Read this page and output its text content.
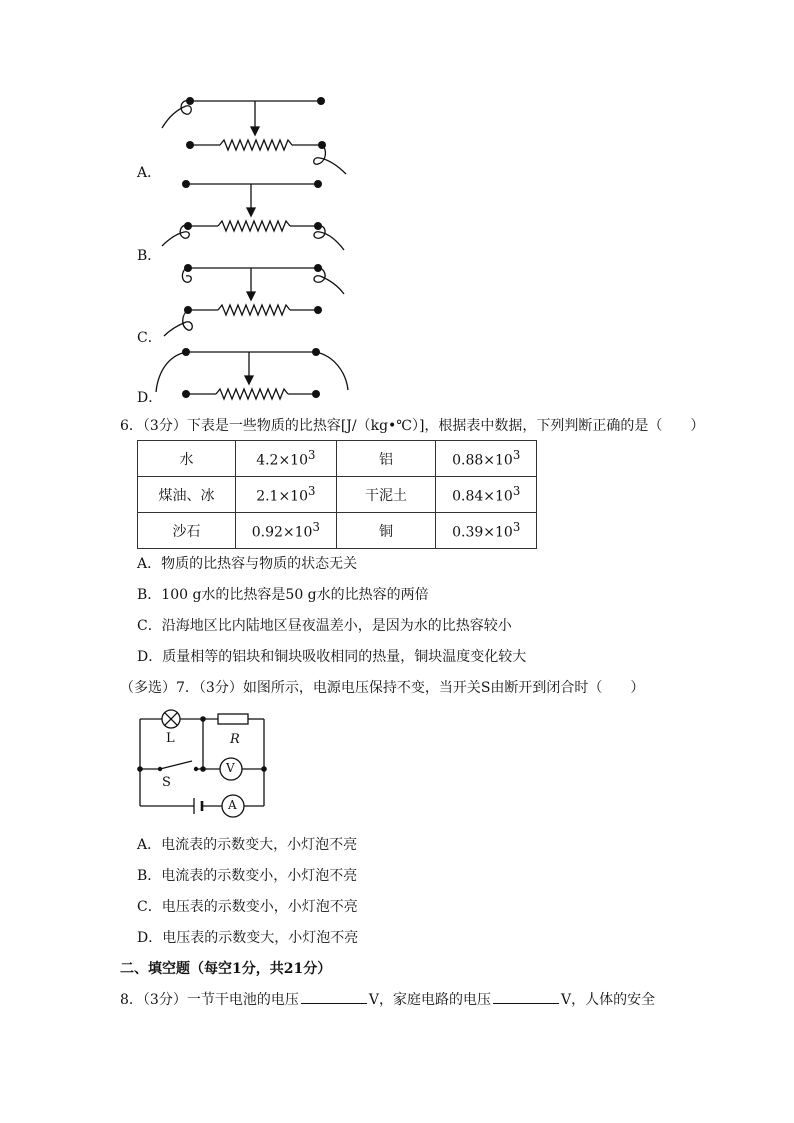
A．
B．
C．
D．
6．（3分）下表是一些物质的比热容[J/（kg•℃）]，根据表中数据，下列判断正确的是（　　）
水	$4.2\times 10^3$	铝	$0.88\times 10^3$
煤油、冰	$2.1\times 10^3$	干泥土	$0.84\times 10^3$
沙石	$0.92\times 10^3$	铜	$0.39\times 10^3$
A．物质的比热容与物质的状态无关
B．100 g水的比热容是50 g水的比热容的两倍
C．沿海地区比内陆地区昼夜温差小，是因为水的比热容较小
D．质量相等的铝块和铜块吸收相同的热量，铜块温度变化较大
（多选）7．（3分）如图所示，电源电压保持不变，当开关S由断开到闭合时（　　）
L	R
S
V
A
A．电流表的示数变大，小灯泡不亮
B．电流表的示数变小，小灯泡不亮
C．电压表的示数变小，小灯泡不亮
D．电压表的示数变大，小灯泡不亮
二、填空题（每空1分，共21分）
8．（3分）一节干电池的电压	V，家庭电路的电压	V，人体的安全
